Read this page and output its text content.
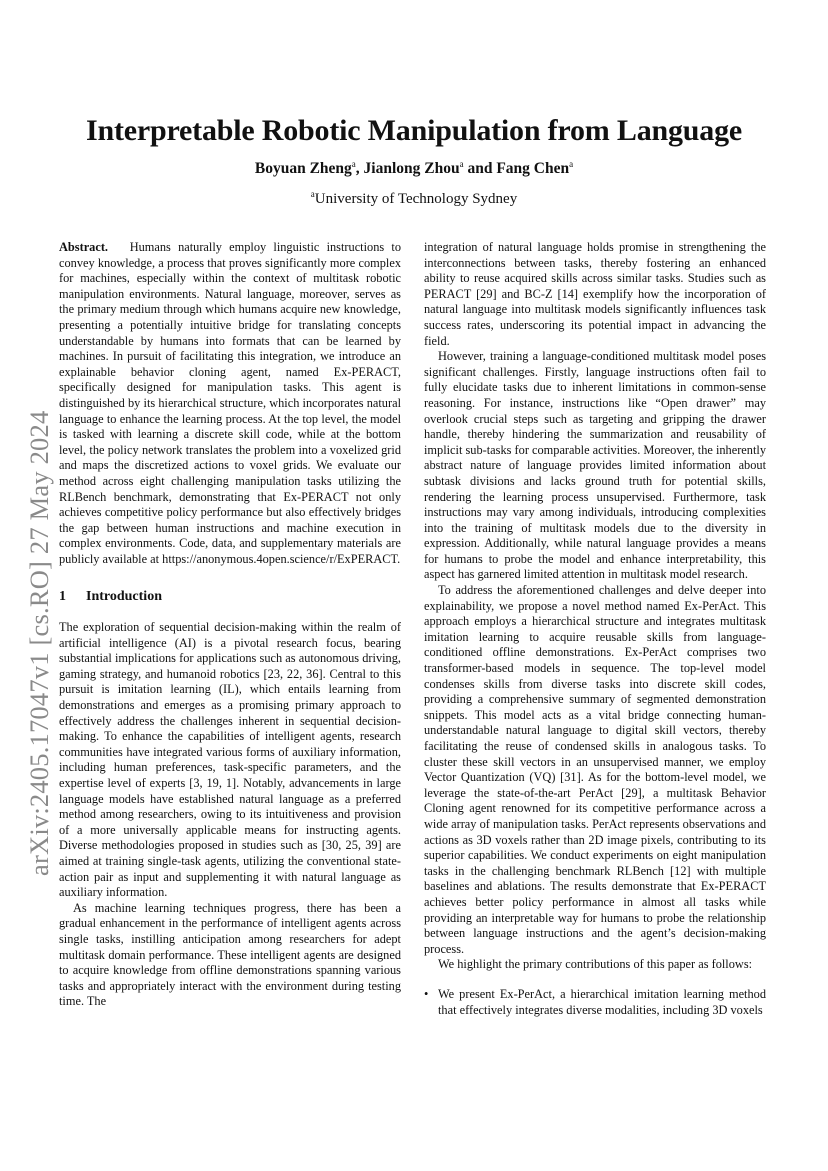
arXiv:2405.17047v1 [cs.RO] 27 May 2024
Interpretable Robotic Manipulation from Language
Boyuan Zheng$^a$, Jianlong Zhou$^a$ and Fang Chen$^a$
$^a$University of Technology Sydney

Abstract. Humans naturally employ linguistic instructions to convey knowledge, a process that proves significantly more complex for machines, especially within the context of multitask robotic manipulation environments. Natural language, moreover, serves as the primary medium through which humans acquire new knowledge, presenting a potentially intuitive bridge for translating concepts understandable by humans into formats that can be learned by machines. In pursuit of facilitating this integration, we introduce an explainable behavior cloning agent, named Ex-PERACT, specifically designed for manipulation tasks. This agent is distinguished by its hierarchical structure, which incorporates natural language to enhance the learning process. At the top level, the model is tasked with learning a discrete skill code, while at the bottom level, the policy network translates the problem into a voxelized grid and maps the discretized actions to voxel grids. We evaluate our method across eight challenging manipulation tasks utilizing the RLBench benchmark, demonstrating that Ex-PERACT not only achieves competitive policy performance but also effectively bridges the gap between human instructions and machine execution in complex environments. Code, data, and supplementary materials are publicly available at https://anonymous.4open.science/r/ExPERACT.

1 Introduction

The exploration of sequential decision-making within the realm of artificial intelligence (AI) is a pivotal research focus, bearing substantial implications for applications such as autonomous driving, gaming strategy, and humanoid robotics [23, 22, 36]. Central to this pursuit is imitation learning (IL), which entails learning from demonstrations and emerges as a promising primary approach to effectively address the challenges inherent in sequential decision-making. To enhance the capabilities of intelligent agents, research communities have integrated various forms of auxiliary information, including human preferences, task-specific parameters, and the expertise level of experts [3, 19, 1]. Notably, advancements in large language models have established natural language as a preferred method among researchers, owing to its intuitiveness and provision of a more universally applicable means for instructing agents. Diverse methodologies proposed in studies such as [30, 25, 39] are aimed at training single-task agents, utilizing the conventional state-action pair as input and supplementing it with natural language as auxiliary information.

As machine learning techniques progress, there has been a gradual enhancement in the performance of intelligent agents across single tasks, instilling anticipation among researchers for adept multitask domain performance. These intelligent agents are designed to acquire knowledge from offline demonstrations spanning various tasks and appropriately interact with the environment during testing time. The

integration of natural language holds promise in strengthening the interconnections between tasks, thereby fostering an enhanced ability to reuse acquired skills across similar tasks. Studies such as PERACT [29] and BC-Z [14] exemplify how the incorporation of natural language into multitask models significantly influences task success rates, underscoring its potential impact in advancing the field.

However, training a language-conditioned multitask model poses significant challenges. Firstly, language instructions often fail to fully elucidate tasks due to inherent limitations in common-sense reasoning. For instance, instructions like “Open drawer” may overlook crucial steps such as targeting and gripping the drawer handle, thereby hindering the summarization and reusability of implicit sub-tasks for comparable activities. Moreover, the inherently abstract nature of language provides limited information about subtask divisions and lacks ground truth for potential skills, rendering the learning process unsupervised. Furthermore, task instructions may vary among individuals, introducing complexities into the training of multitask models due to the diversity in expression. Additionally, while natural language provides a means for humans to probe the model and enhance interpretability, this aspect has garnered limited attention in multitask model research.

To address the aforementioned challenges and delve deeper into explainability, we propose a novel method named Ex-PerAct. This approach employs a hierarchical structure and integrates multitask imitation learning to acquire reusable skills from language-conditioned offline demonstrations. Ex-PerAct comprises two transformer-based models in sequence. The top-level model condenses skills from diverse tasks into discrete skill codes, providing a comprehensive summary of segmented demonstration snippets. This model acts as a vital bridge connecting human-understandable natural language to digital skill vectors, thereby facilitating the reuse of condensed skills in analogous tasks. To cluster these skill vectors in an unsupervised manner, we employ Vector Quantization (VQ) [31]. As for the bottom-level model, we leverage the state-of-the-art PerAct [29], a multitask Behavior Cloning agent renowned for its competitive performance across a wide array of manipulation tasks. PerAct represents observations and actions as 3D voxels rather than 2D image pixels, contributing to its superior capabilities. We conduct experiments on eight manipulation tasks in the challenging benchmark RLBench [12] with multiple baselines and ablations. The results demonstrate that Ex-PERACT achieves better policy performance in almost all tasks while providing an interpretable way for humans to probe the relationship between language instructions and the agent’s decision-making process.

We highlight the primary contributions of this paper as follows:

• We present Ex-PerAct, a hierarchical imitation learning method that effectively integrates diverse modalities, including 3D voxels
